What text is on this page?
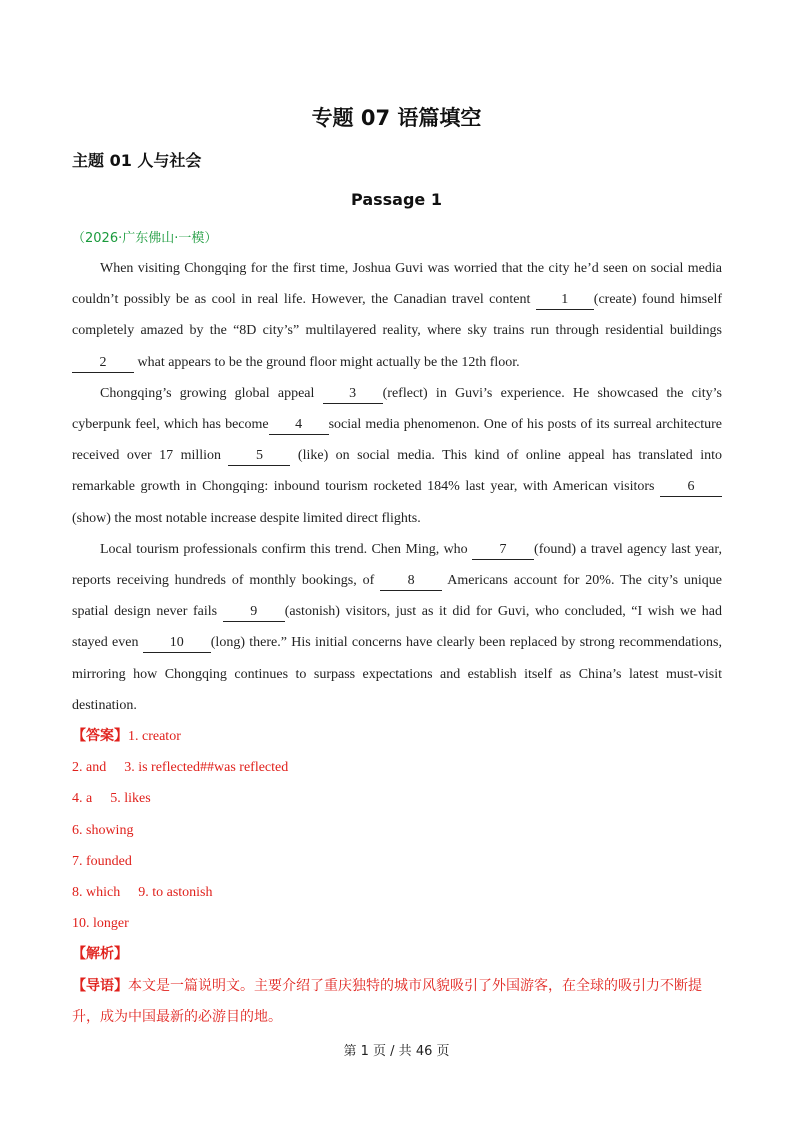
专题 07 语篇填空
主题 01 人与社会
Passage 1
（2026·广东佛山·一模）

When visiting Chongqing for the first time, Joshua Guvi was worried that the city he’d seen on social media couldn’t possibly be as cool in real life. However, the Canadian travel content 1 (create) found himself completely amazed by the “8D city’s” multilayered reality, where sky trains run through residential buildings 2 what appears to be the ground floor might actually be the 12th floor.

Chongqing’s growing global appeal 3 (reflect) in Guvi’s experience. He showcased the city’s cyberpunk feel, which has become 4 social media phenomenon. One of his posts of its surreal architecture received over 17 million 5 (like) on social media. This kind of online appeal has translated into remarkable growth in Chongqing: inbound tourism rocketed 184% last year, with American visitors 6(show) the most notable increase despite limited direct flights.

Local tourism professionals confirm this trend. Chen Ming, who 7 (found) a travel agency last year, reports receiving hundreds of monthly bookings, of 8 Americans account for 20%. The city’s unique spatial design never fails 9 (astonish) visitors, just as it did for Guvi, who concluded, “I wish we had stayed even 10 (long) there.” His initial concerns have clearly been replaced by strong recommendations, mirroring how Chongqing continues to surpass expectations and establish itself as China’s latest must-visit destination.

【答案】1. creator
2. and 3. is reflected##was reflected
4. a 5. likes
6. showing
7. founded
8. which 9. to astonish
10. longer
【解析】
【导语】本文是一篇说明文。主要介绍了重庆独特的城市风貌吸引了外国游客，在全球的吸引力不断提升，成为中国最新的必游目的地。
第 1 页 / 共 46 页
